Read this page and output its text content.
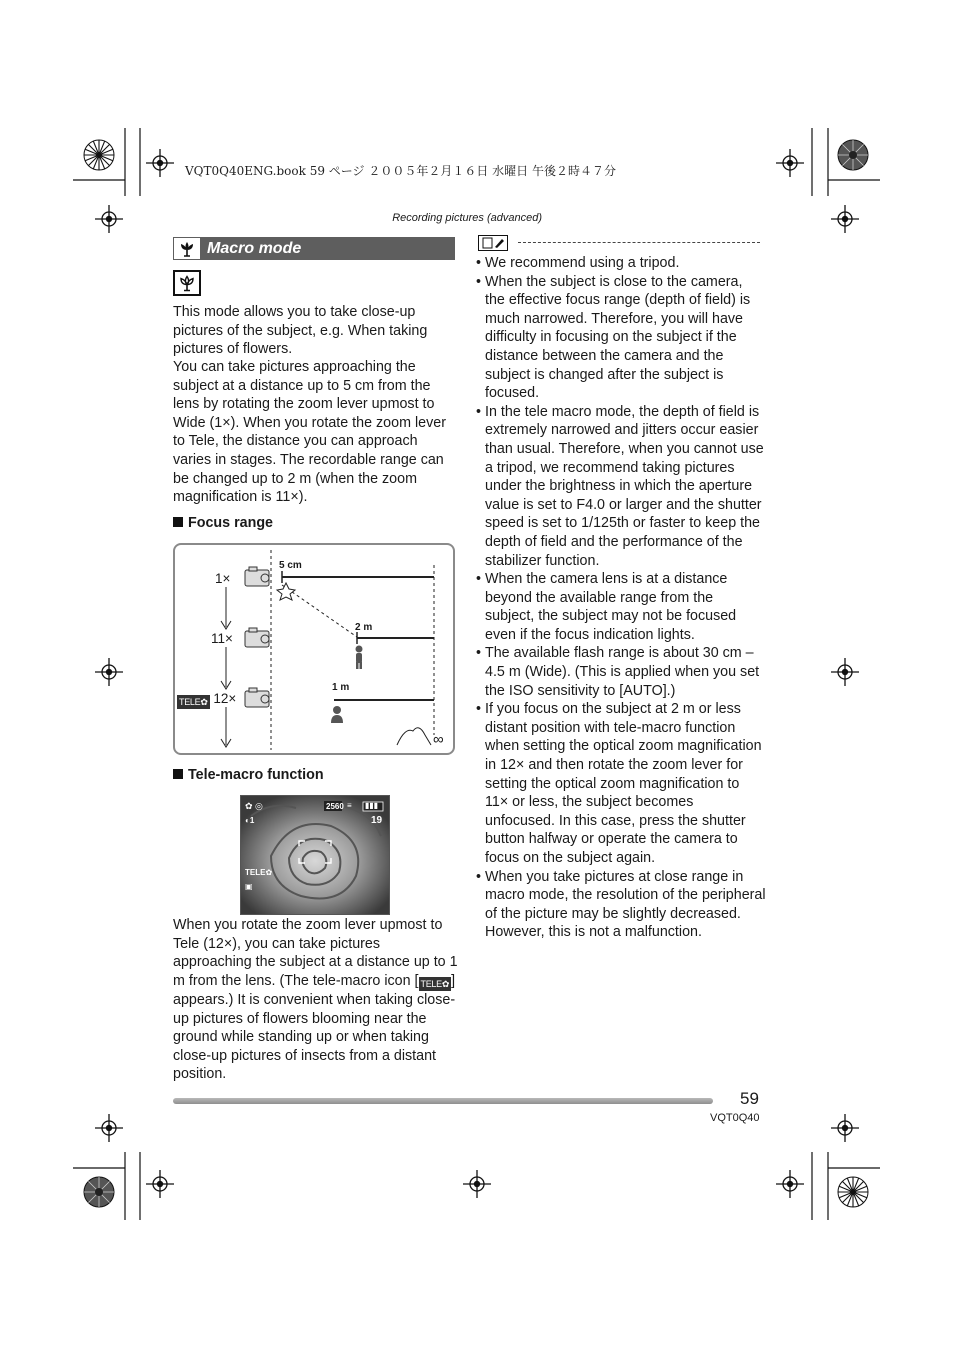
VQT0Q40ENG.book 59 ページ ２００５年２月１６日 水曜日 午後２時４７分
Recording pictures (advanced)
Macro mode

This mode allows you to take close-up pictures of the subject, e.g. When taking pictures of flowers.

You can take pictures approaching the subject at a distance up to 5 cm from the lens by rotating the zoom lever upmost to Wide (1×). When you rotate the zoom lever to Tele, the distance you can approach varies in stages. The recordable range can be changed up to 2 m (when the zoom magnification is 11×).

Focus range
1×
11×
TELE ✿ 12×
5 cm
2 m
1 m
∞
Tele-macro function
✿ ◎	2560 ≡ ▮▮▮
◐1	19
TELE✿
▣

When you rotate the zoom lever upmost to Tele (12×), you can take pictures approaching the subject at a distance up to 1 m from the lens. (The tele-macro icon [ TELE ✿ ] appears.) It is convenient when taking close-up pictures of flowers blooming near the ground while standing up or when taking close-up pictures of insects from a distant position.

• We recommend using a tripod.
• When the subject is close to the camera, the effective focus range (depth of field) is much narrowed. Therefore, you will have difficulty in focusing on the subject if the distance between the camera and the subject is changed after the subject is focused.
• In the tele macro mode, the depth of field is extremely narrowed and jitters occur easier than usual. Therefore, when you cannot use a tripod, we recommend taking pictures under the brightness in which the aperture value is set to F4.0 or larger and the shutter speed is set to 1/125th or faster to keep the depth of field and the performance of the stabilizer function.
• When the camera lens is at a distance beyond the available range from the subject, the subject may not be focused even if the focus indication lights.
• The available flash range is about 30 cm – 4.5 m (Wide). (This is applied when you set the ISO sensitivity to [AUTO].)
• If you focus on the subject at 2 m or less distant position with tele-macro function when setting the optical zoom magnification in 12× and then rotate the zoom lever for setting the optical zoom magnification to 11× or less, the subject becomes unfocused. In this case, press the shutter button halfway or operate the camera to focus on the subject again.
• When you take pictures at close range in macro mode, the resolution of the peripheral of the picture may be slightly decreased. However, this is not a malfunction.
59
VQT0Q40
